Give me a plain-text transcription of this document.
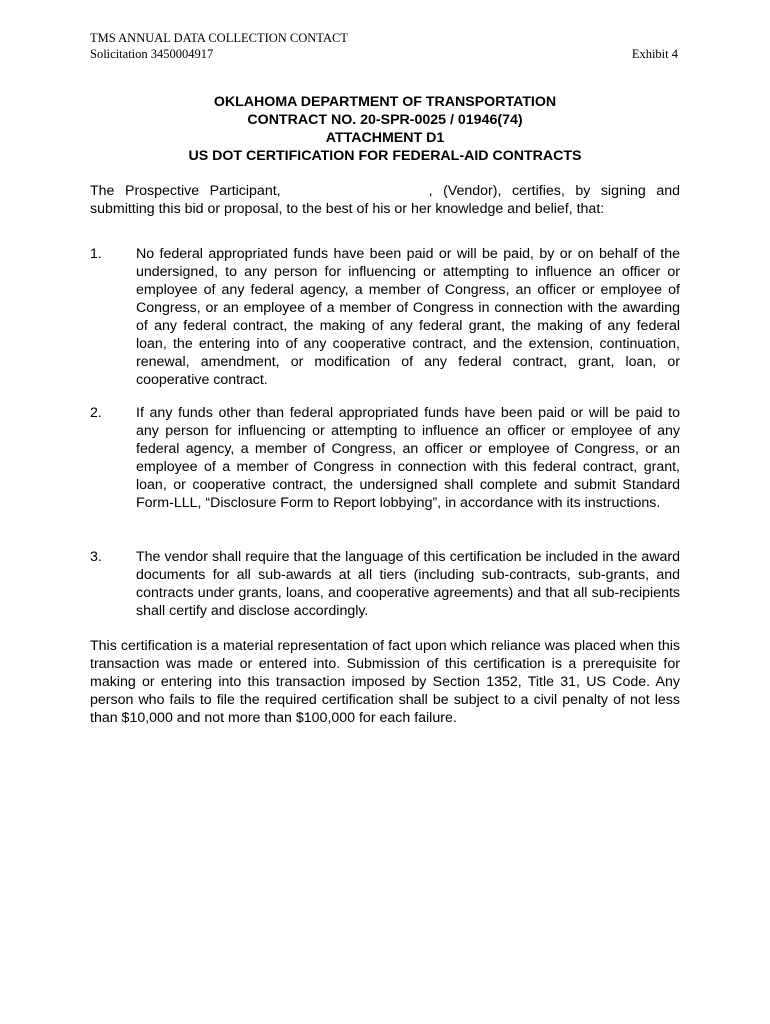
TMS ANNUAL DATA COLLECTION CONTACT
Solicitation 3450004917	Exhibit 4
OKLAHOMA DEPARTMENT OF TRANSPORTATION
CONTRACT NO. 20-SPR-0025 / 01946(74)
ATTACHMENT D1
US DOT CERTIFICATION FOR FEDERAL-AID CONTRACTS
The Prospective Participant,	, (Vendor), certifies, by signing and submitting this bid or proposal, to the best of his or her knowledge and belief, that:
1. No federal appropriated funds have been paid or will be paid, by or on behalf of the undersigned, to any person for influencing or attempting to influence an officer or employee of any federal agency, a member of Congress, an officer or employee of Congress, or an employee of a member of Congress in connection with the awarding of any federal contract, the making of any federal grant, the making of any federal loan, the entering into of any cooperative contract, and the extension, continuation, renewal, amendment, or modification of any federal contract, grant, loan, or cooperative contract.
2. If any funds other than federal appropriated funds have been paid or will be paid to any person for influencing or attempting to influence an officer or employee of any federal agency, a member of Congress, an officer or employee of Congress, or an employee of a member of Congress in connection with this federal contract, grant, loan, or cooperative contract, the undersigned shall complete and submit Standard Form-LLL, “Disclosure Form to Report lobbying”, in accordance with its instructions.
3. The vendor shall require that the language of this certification be included in the award documents for all sub-awards at all tiers (including sub-contracts, sub-grants, and contracts under grants, loans, and cooperative agreements) and that all sub-recipients shall certify and disclose accordingly.
This certification is a material representation of fact upon which reliance was placed when this transaction was made or entered into. Submission of this certification is a prerequisite for making or entering into this transaction imposed by Section 1352, Title 31, US Code. Any person who fails to file the required certification shall be subject to a civil penalty of not less than $10,000 and not more than $100,000 for each failure.
